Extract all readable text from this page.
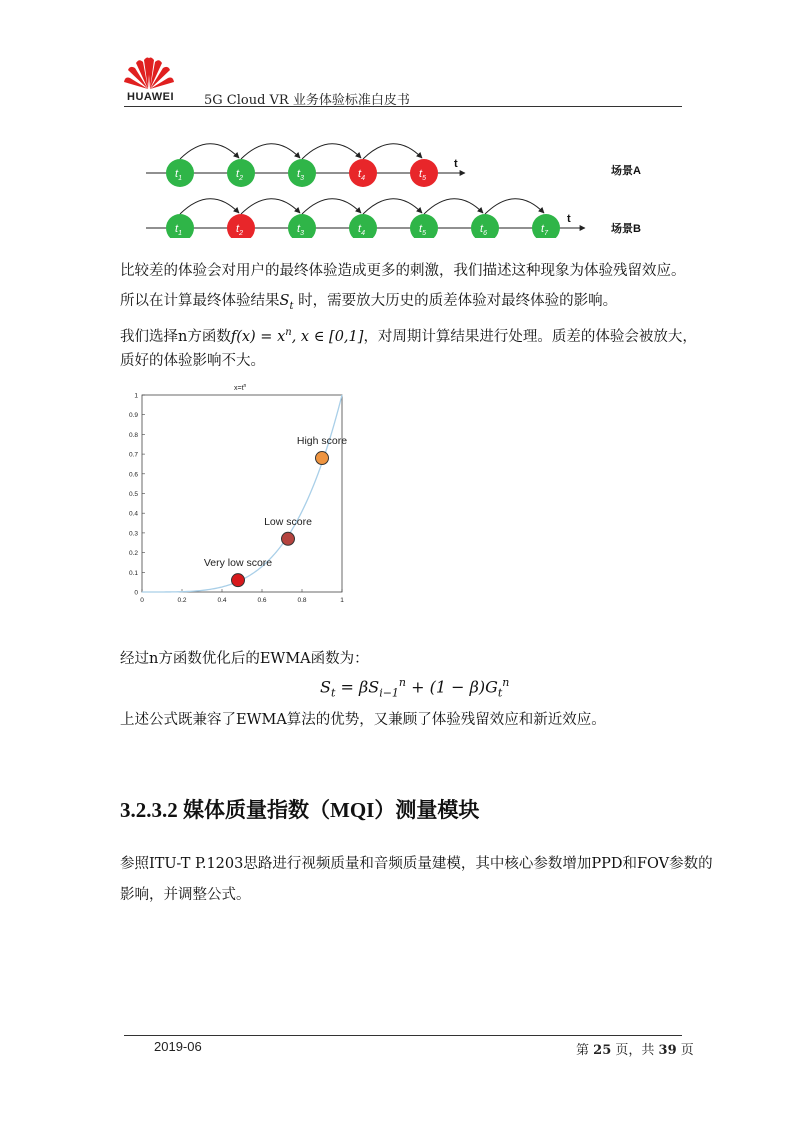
HUAWEI 5G Cloud VR 业务体验标准白皮书
t
$t_1$	$t_2$	$t_3$	$t_4$	$t_5$
t
$t_1$	$t_2$	$t_3$	$t_4$	$t_5$	$t_6$	$t_7$
场景A
场景B
比较差的体验会对用户的最终体验造成更多的刺激，我们描述这种现象为体验残留效应。
所以在计算最终体验结果$S_t$ 时，需要放大历史的质差体验对最终体验的影响。
我们选择n方函数$f(x) = x^n$, x ∈ [0,1]，对周期计算结果进行处理。质差的体验会被放大，
质好的体验影响不大。
$x=t^n$
0
0.1
0.2
0.3
0.4
0.5
0.6
0.7
0.8
0.9
1
0	0.2	0.4	0.6	0.8	1
Very low score
Low score
High score
经过n方函数优化后的EWMA函数为：
$S_t = \beta S_{i-1}^n + (1 - \beta)G_t^n$
上述公式既兼容了EWMA算法的优势，又兼顾了体验残留效应和新近效应。
3.2.3.2 媒体质量指数（MQI）测量模块
参照ITU-T P.1203思路进行视频质量和音频质量建模，其中核心参数增加PPD和FOV参数的
影响，并调整公式。
2019-06	第 25 页，共 39 页
